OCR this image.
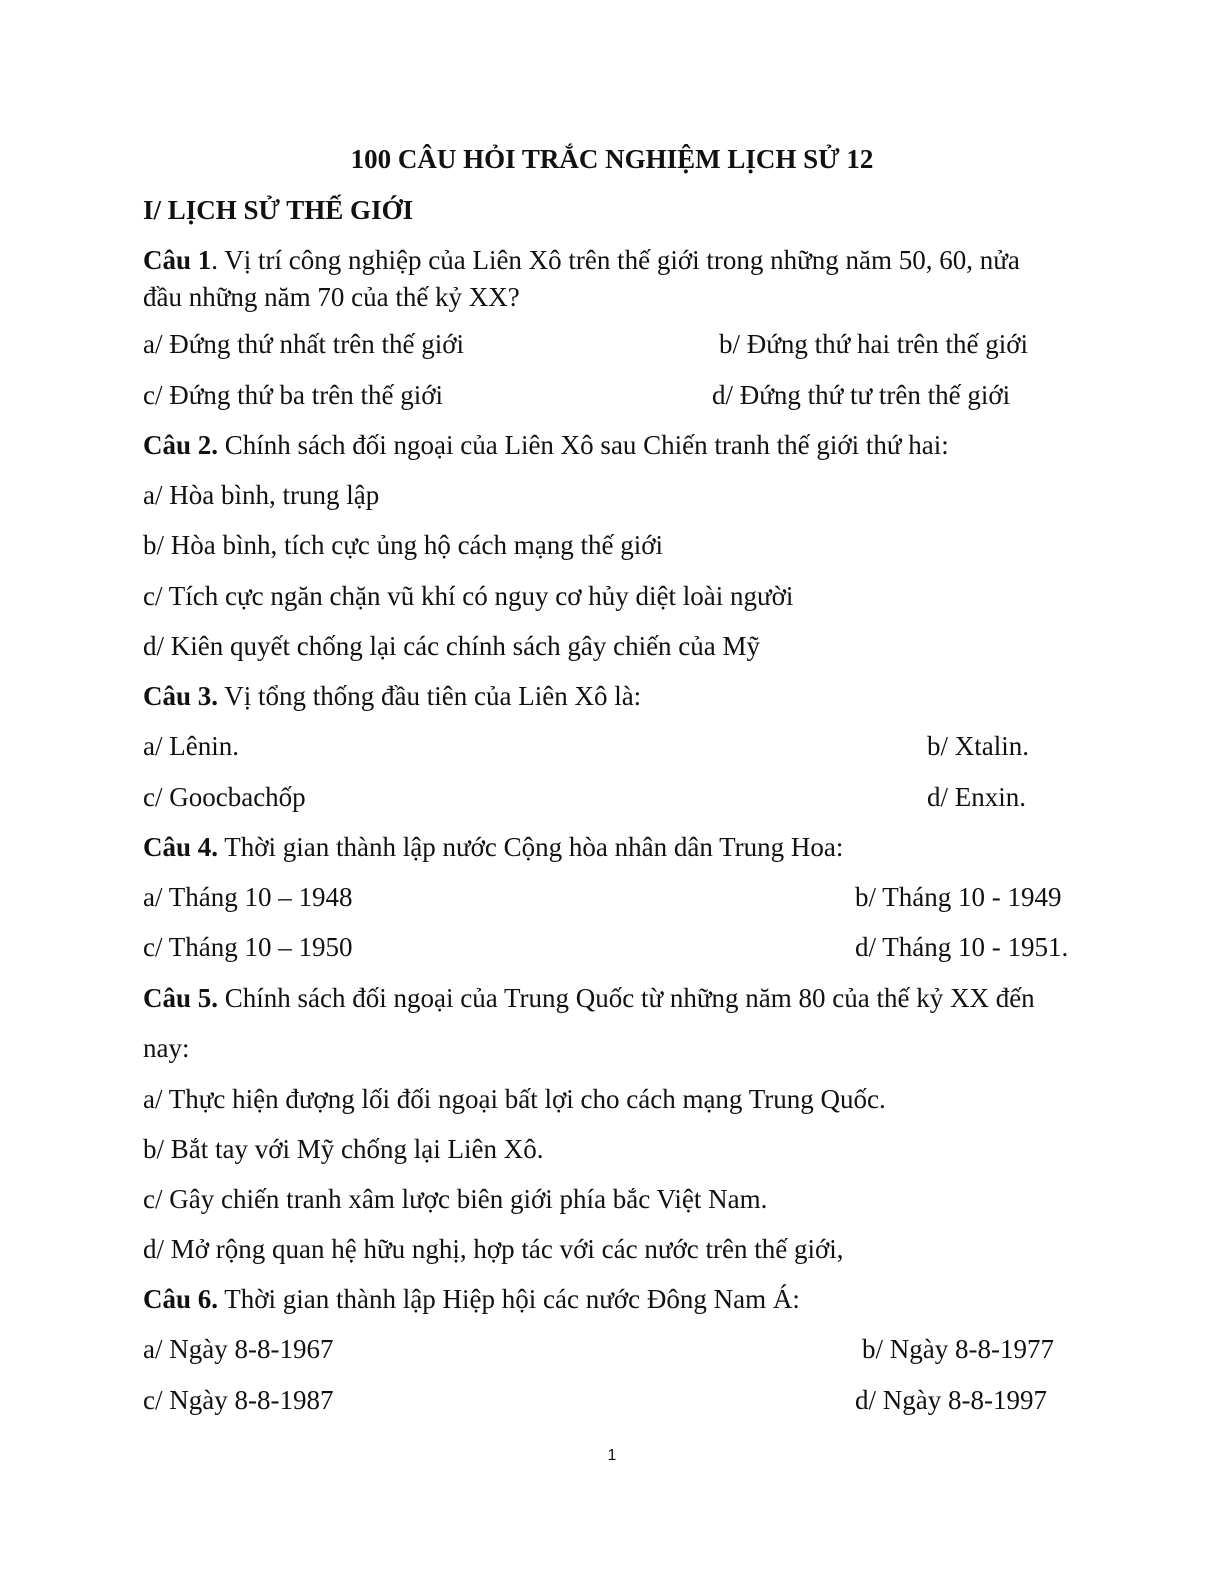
100 CÂU HỎI TRẮC NGHIỆM LỊCH SỬ 12
I/ LỊCH SỬ THẾ GIỚI
Câu 1. Vị trí công nghiệp của Liên Xô trên thế giới trong những năm 50, 60, nửa
đầu những năm 70 của thế kỷ XX?
a/ Đứng thứ nhất trên thế giới	b/ Đứng thứ hai trên thế giới
c/ Đứng thứ ba trên thế giới	d/ Đứng thứ tư trên thế giới
Câu 2. Chính sách đối ngoại của Liên Xô sau Chiến tranh thế giới thứ hai:
a/ Hòa bình, trung lập
b/ Hòa bình, tích cực ủng hộ cách mạng thế giới
c/ Tích cực ngăn chặn vũ khí có nguy cơ hủy diệt loài người
d/ Kiên quyết chống lại các chính sách gây chiến của Mỹ
Câu 3. Vị tổng thống đầu tiên của Liên Xô là:
a/ Lênin.	b/ Xtalin.
c/ Goocbachốp	d/ Enxin.
Câu 4. Thời gian thành lập nước Cộng hòa nhân dân Trung Hoa:
a/ Tháng 10 – 1948	b/ Tháng 10 - 1949
c/ Tháng 10 – 1950	d/ Tháng 10 - 1951.
Câu 5. Chính sách đối ngoại của Trung Quốc từ những năm 80 của thế kỷ XX đến
nay:
a/ Thực hiện đượng lối đối ngoại bất lợi cho cách mạng Trung Quốc.
b/ Bắt tay với Mỹ chống lại Liên Xô.
c/ Gây chiến tranh xâm lược biên giới phía bắc Việt Nam.
d/ Mở rộng quan hệ hữu nghị, hợp tác với các nước trên thế giới,
Câu 6. Thời gian thành lập Hiệp hội các nước Đông Nam Á:
a/ Ngày 8-8-1967	b/ Ngày 8-8-1977
c/ Ngày 8-8-1987	d/ Ngày 8-8-1997
1
